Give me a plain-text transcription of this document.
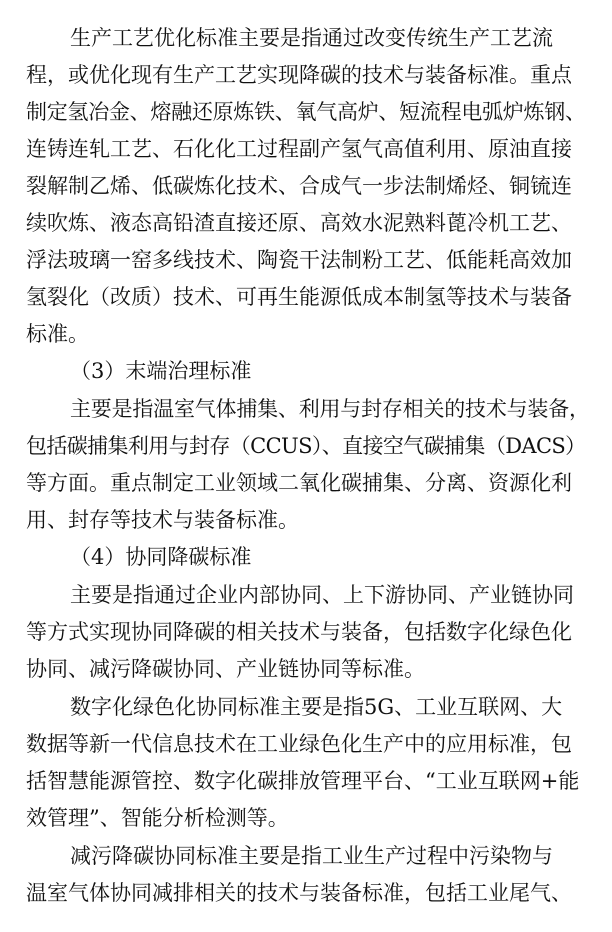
生产工艺优化标准主要是指通过改变传统生产工艺流
程，或优化现有生产工艺实现降碳的技术与装备标准。重点
制定氢冶金、熔融还原炼铁、氧气高炉、短流程电弧炉炼钢、
连铸连轧工艺、石化化工过程副产氢气高值利用、原油直接
裂解制乙烯、低碳炼化技术、合成气一步法制烯烃、铜锍连
续吹炼、液态高铅渣直接还原、高效水泥熟料蓖冷机工艺、
浮法玻璃一窑多线技术、陶瓷干法制粉工艺、低能耗高效加
氢裂化（改质）技术、可再生能源低成本制氢等技术与装备
标准。
（3）末端治理标准
主要是指温室气体捕集、利用与封存相关的技术与装备，
包括碳捕集利用与封存（CCUS）、直接空气碳捕集（DACS）
等方面。重点制定工业领域二氧化碳捕集、分离、资源化利
用、封存等技术与装备标准。
（4）协同降碳标准
主要是指通过企业内部协同、上下游协同、产业链协同
等方式实现协同降碳的相关技术与装备，包括数字化绿色化
协同、减污降碳协同、产业链协同等标准。
数字化绿色化协同标准主要是指5G、工业互联网、大
数据等新一代信息技术在工业绿色化生产中的应用标准，包
括智慧能源管控、数字化碳排放管理平台、“工业互联网+能
效管理”、智能分析检测等。
减污降碳协同标准主要是指工业生产过程中污染物与
温室气体协同减排相关的技术与装备标准，包括工业尾气、
